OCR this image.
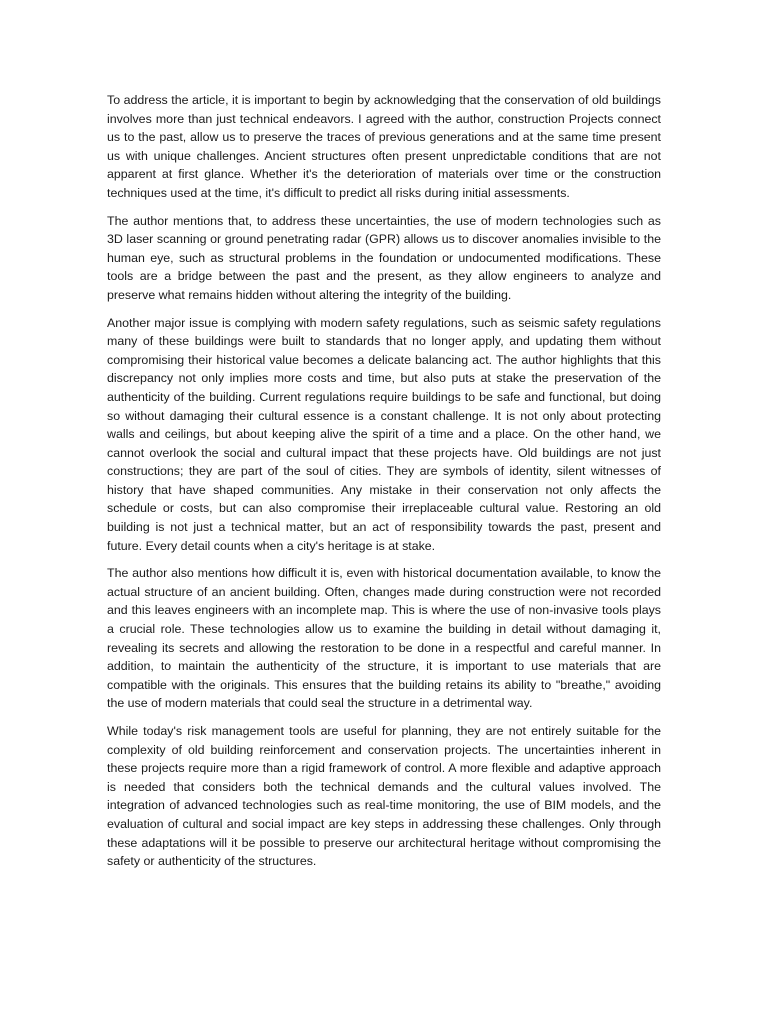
To address the article, it is important to begin by acknowledging that the conservation of old buildings involves more than just technical endeavors. I agreed with the author, construction Projects connect us to the past, allow us to preserve the traces of previous generations and at the same time present us with unique challenges. Ancient structures often present unpredictable conditions that are not apparent at first glance. Whether it's the deterioration of materials over time or the construction techniques used at the time, it's difficult to predict all risks during initial assessments.

The author mentions that, to address these uncertainties, the use of modern technologies such as 3D laser scanning or ground penetrating radar (GPR) allows us to discover anomalies invisible to the human eye, such as structural problems in the foundation or undocumented modifications. These tools are a bridge between the past and the present, as they allow engineers to analyze and preserve what remains hidden without altering the integrity of the building.

Another major issue is complying with modern safety regulations, such as seismic safety regulations many of these buildings were built to standards that no longer apply, and updating them without compromising their historical value becomes a delicate balancing act. The author highlights that this discrepancy not only implies more costs and time, but also puts at stake the preservation of the authenticity of the building. Current regulations require buildings to be safe and functional, but doing so without damaging their cultural essence is a constant challenge. It is not only about protecting walls and ceilings, but about keeping alive the spirit of a time and a place. On the other hand, we cannot overlook the social and cultural impact that these projects have. Old buildings are not just constructions; they are part of the soul of cities. They are symbols of identity, silent witnesses of history that have shaped communities. Any mistake in their conservation not only affects the schedule or costs, but can also compromise their irreplaceable cultural value. Restoring an old building is not just a technical matter, but an act of responsibility towards the past, present and future. Every detail counts when a city's heritage is at stake.

The author also mentions how difficult it is, even with historical documentation available, to know the actual structure of an ancient building. Often, changes made during construction were not recorded and this leaves engineers with an incomplete map. This is where the use of non-invasive tools plays a crucial role. These technologies allow us to examine the building in detail without damaging it, revealing its secrets and allowing the restoration to be done in a respectful and careful manner. In addition, to maintain the authenticity of the structure, it is important to use materials that are compatible with the originals. This ensures that the building retains its ability to "breathe," avoiding the use of modern materials that could seal the structure in a detrimental way.

While today's risk management tools are useful for planning, they are not entirely suitable for the complexity of old building reinforcement and conservation projects. The uncertainties inherent in these projects require more than a rigid framework of control. A more flexible and adaptive approach is needed that considers both the technical demands and the cultural values involved. The integration of advanced technologies such as real-time monitoring, the use of BIM models, and the evaluation of cultural and social impact are key steps in addressing these challenges. Only through these adaptations will it be possible to preserve our architectural heritage without compromising the safety or authenticity of the structures.
